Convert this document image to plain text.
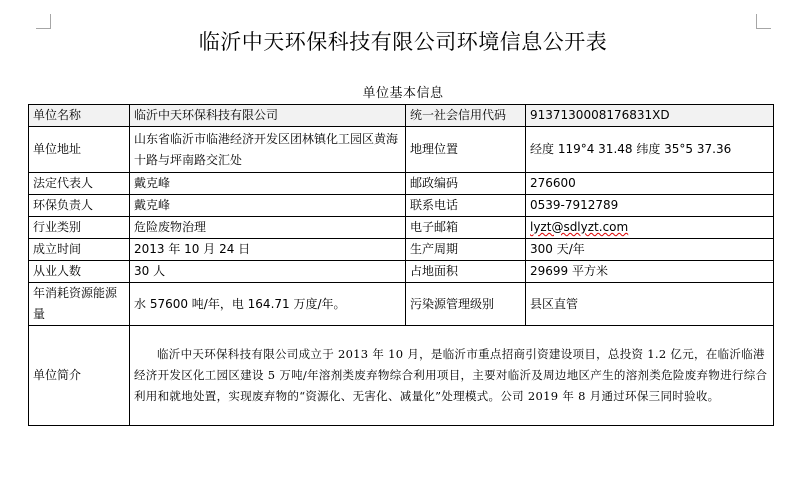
临沂中天环保科技有限公司环境信息公开表
单位基本信息
单位名称	临沂中天环保科技有限公司	统一社会信用代码	9137130008176831XD
单位地址	山东省临沂市临港经济开发区团林镇化工园区黄海十路与坪南路交汇处	地理位置	经度 119°4 31.48 纬度 35°5 37.36
法定代表人	戴克峰	邮政编码	276600
环保负责人	戴克峰	联系电话	0539-7912789
行业类别	危险废物治理	电子邮箱	lyzt@sdlyzt.com
成立时间	2013 年 10 月 24 日	生产周期	300 天/年
从业人数	30 人	占地面积	29699 平方米
年消耗资源能源量	水 57600 吨/年，电 164.71 万度/年。	污染源管理级别	县区直管
单位简介	临沂中天环保科技有限公司成立于 2013 年 10 月，是临沂市重点招商引资建设项目，总投资 1.2 亿元，在临沂临港经济开发区化工园区建设 5 万吨/年溶剂类废弃物综合利用项目，主要对临沂及周边地区产生的溶剂类危险废弃物进行综合利用和就地处置，实现废弃物的“资源化、无害化、减量化”处理模式。公司 2019 年 8 月通过环保三同时验收。		
